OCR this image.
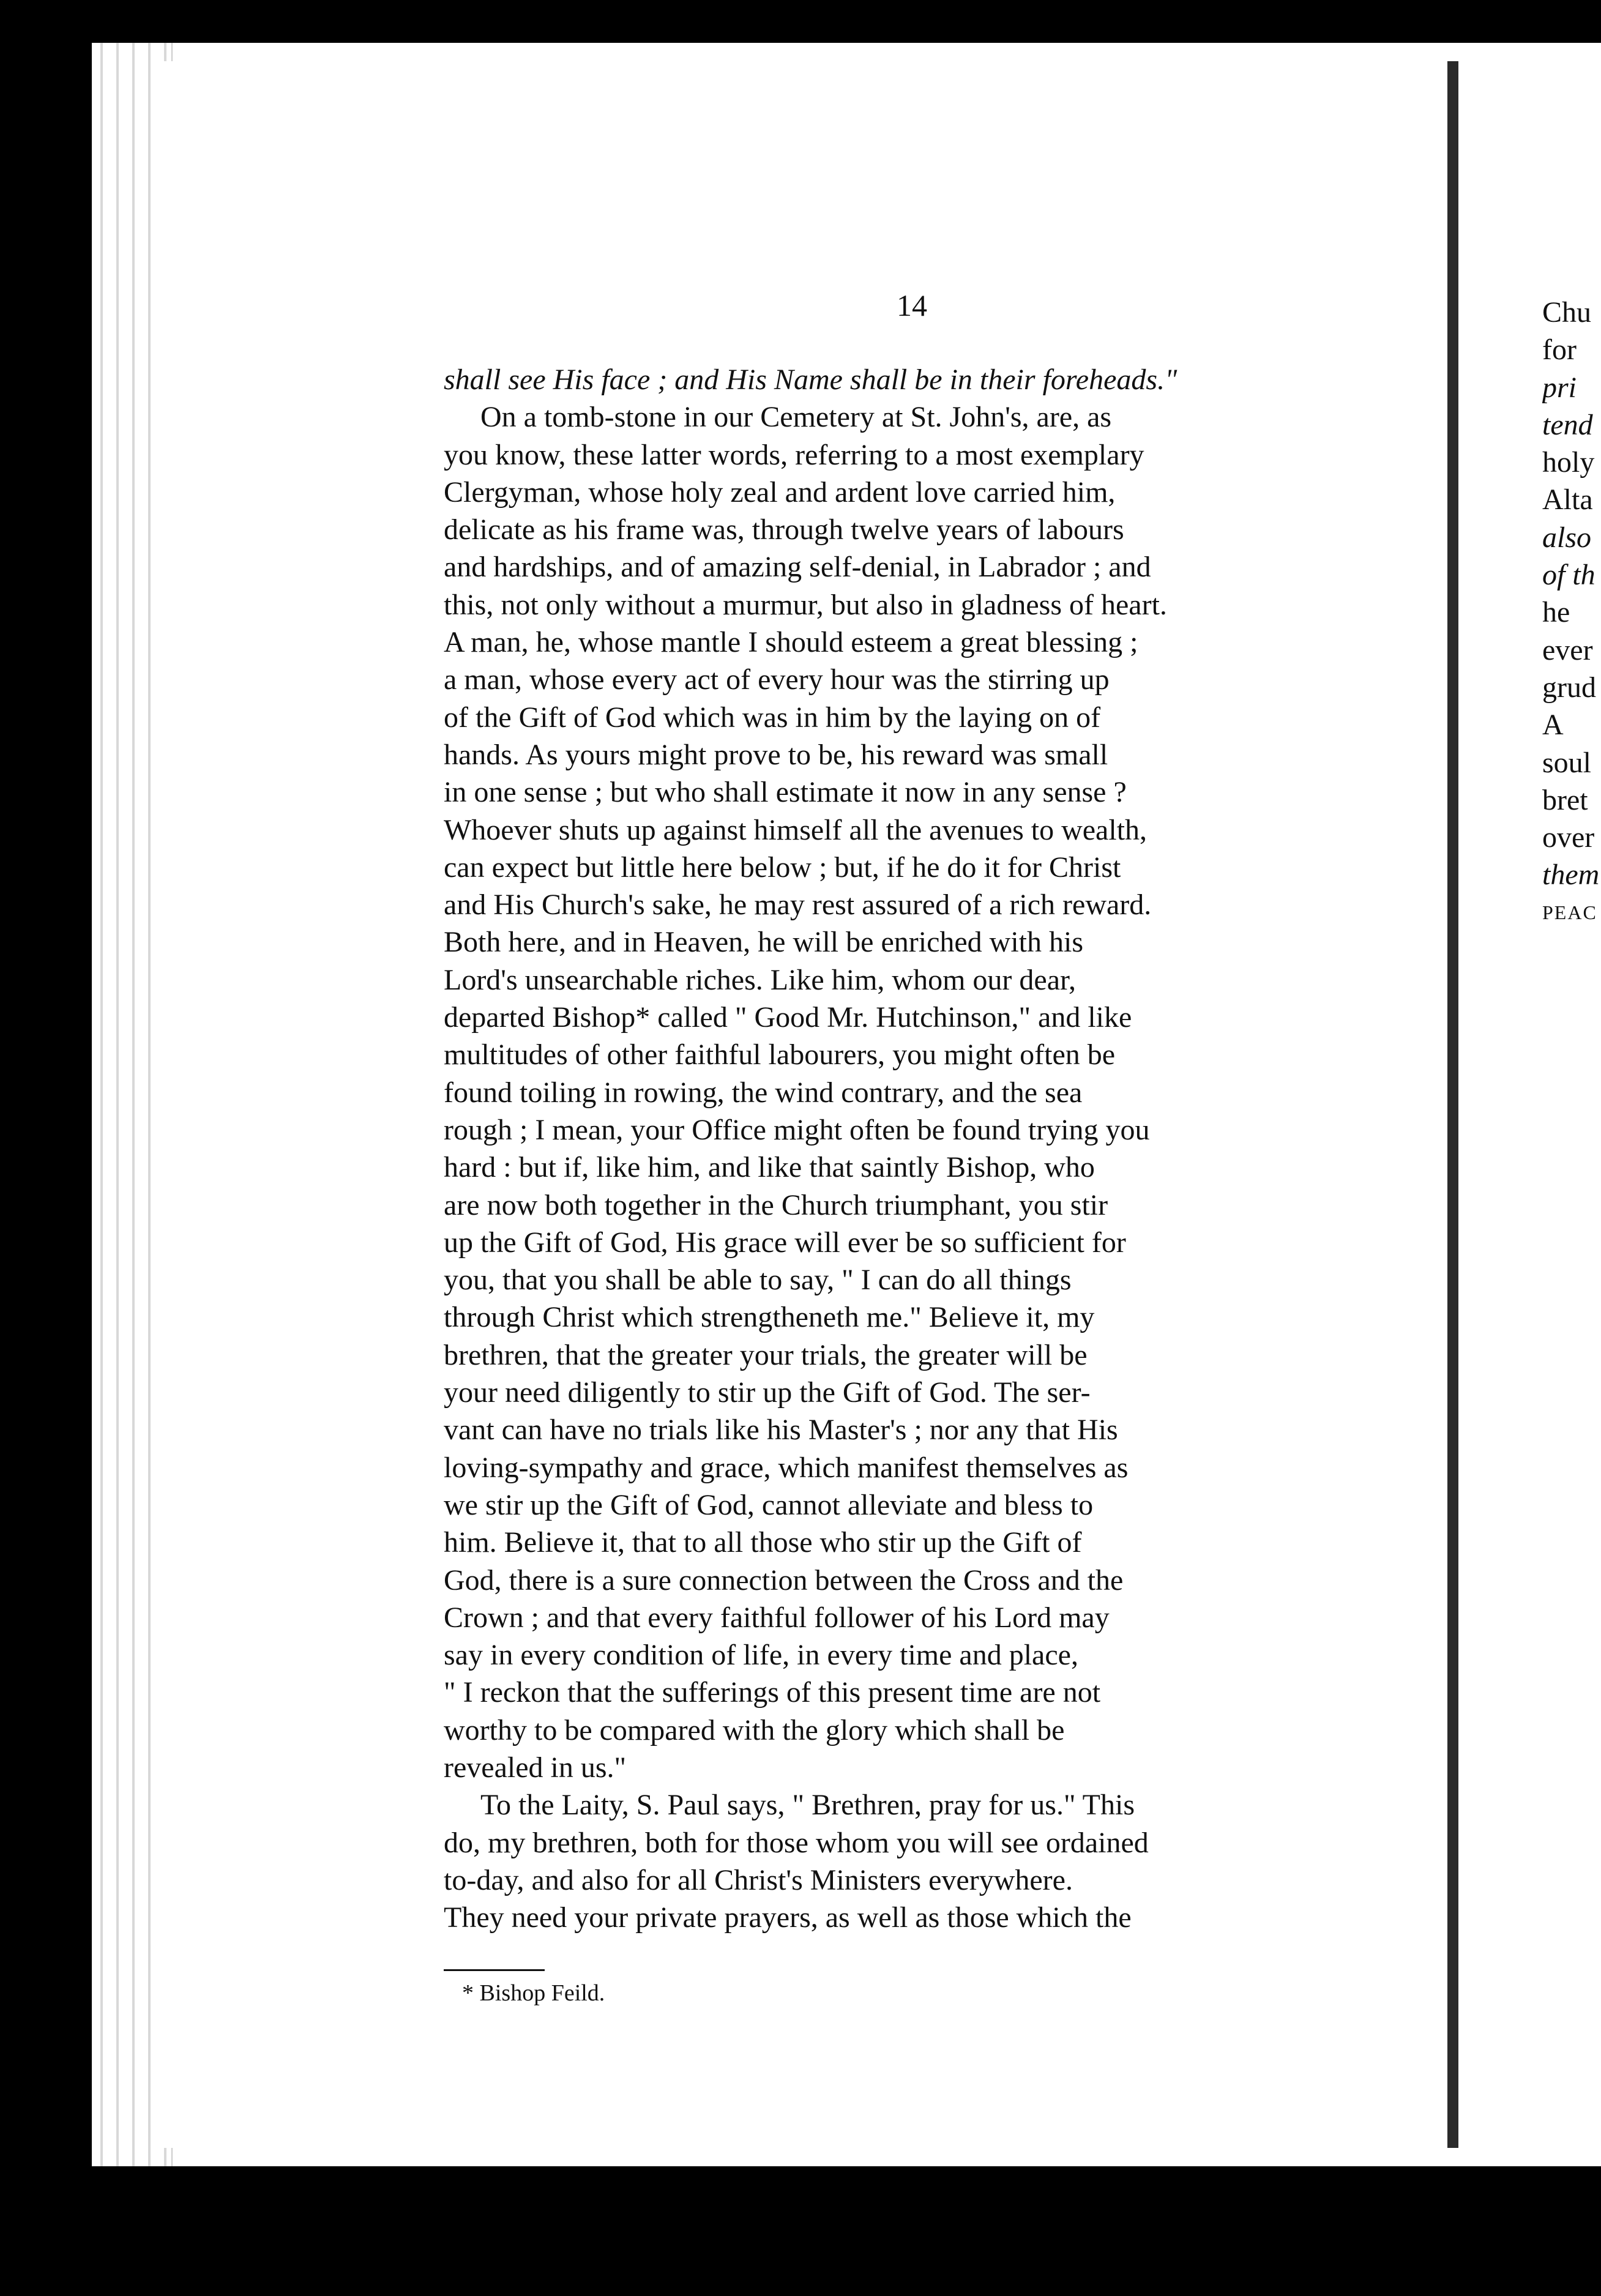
14
shall see His face ; and His Name shall be in their foreheads."
On a tomb-stone in our Cemetery at St. John's, are, as
you know, these latter words, referring to a most exemplary
Clergyman, whose holy zeal and ardent love carried him,
delicate as his frame was, through twelve years of labours
and hardships, and of amazing self-denial, in Labrador ; and
this, not only without a murmur, but also in gladness of heart.
A man, he, whose mantle I should esteem a great blessing ;
a man, whose every act of every hour was the stirring up
of the Gift of God which was in him by the laying on of
hands. As yours might prove to be, his reward was small
in one sense ; but who shall estimate it now in any sense ?
Whoever shuts up against himself all the avenues to wealth,
can expect but little here below ; but, if he do it for Christ
and His Church's sake, he may rest assured of a rich reward.
Both here, and in Heaven, he will be enriched with his
Lord's unsearchable riches. Like him, whom our dear,
departed Bishop* called " Good Mr. Hutchinson," and like
multitudes of other faithful labourers, you might often be
found toiling in rowing, the wind contrary, and the sea
rough ; I mean, your Office might often be found trying you
hard : but if, like him, and like that saintly Bishop, who
are now both together in the Church triumphant, you stir
up the Gift of God, His grace will ever be so sufficient for
you, that you shall be able to say, " I can do all things
through Christ which strengtheneth me." Believe it, my
brethren, that the greater your trials, the greater will be
your need diligently to stir up the Gift of God. The ser-
vant can have no trials like his Master's ; nor any that His
loving-sympathy and grace, which manifest themselves as
we stir up the Gift of God, cannot alleviate and bless to
him. Believe it, that to all those who stir up the Gift of
God, there is a sure connection between the Cross and the
Crown ; and that every faithful follower of his Lord may
say in every condition of life, in every time and place,
" I reckon that the sufferings of this present time are not
worthy to be compared with the glory which shall be
revealed in us."
To the Laity, S. Paul says, " Brethren, pray for us." This
do, my brethren, both for those whom you will see ordained
to-day, and also for all Christ's Ministers everywhere.
They need your private prayers, as well as those which the
* Bishop Feild.
Chu
for
pri
tend
holy
Alta
also
of th
he
ever
grud
A
soul
bret
over
them
PEAC
